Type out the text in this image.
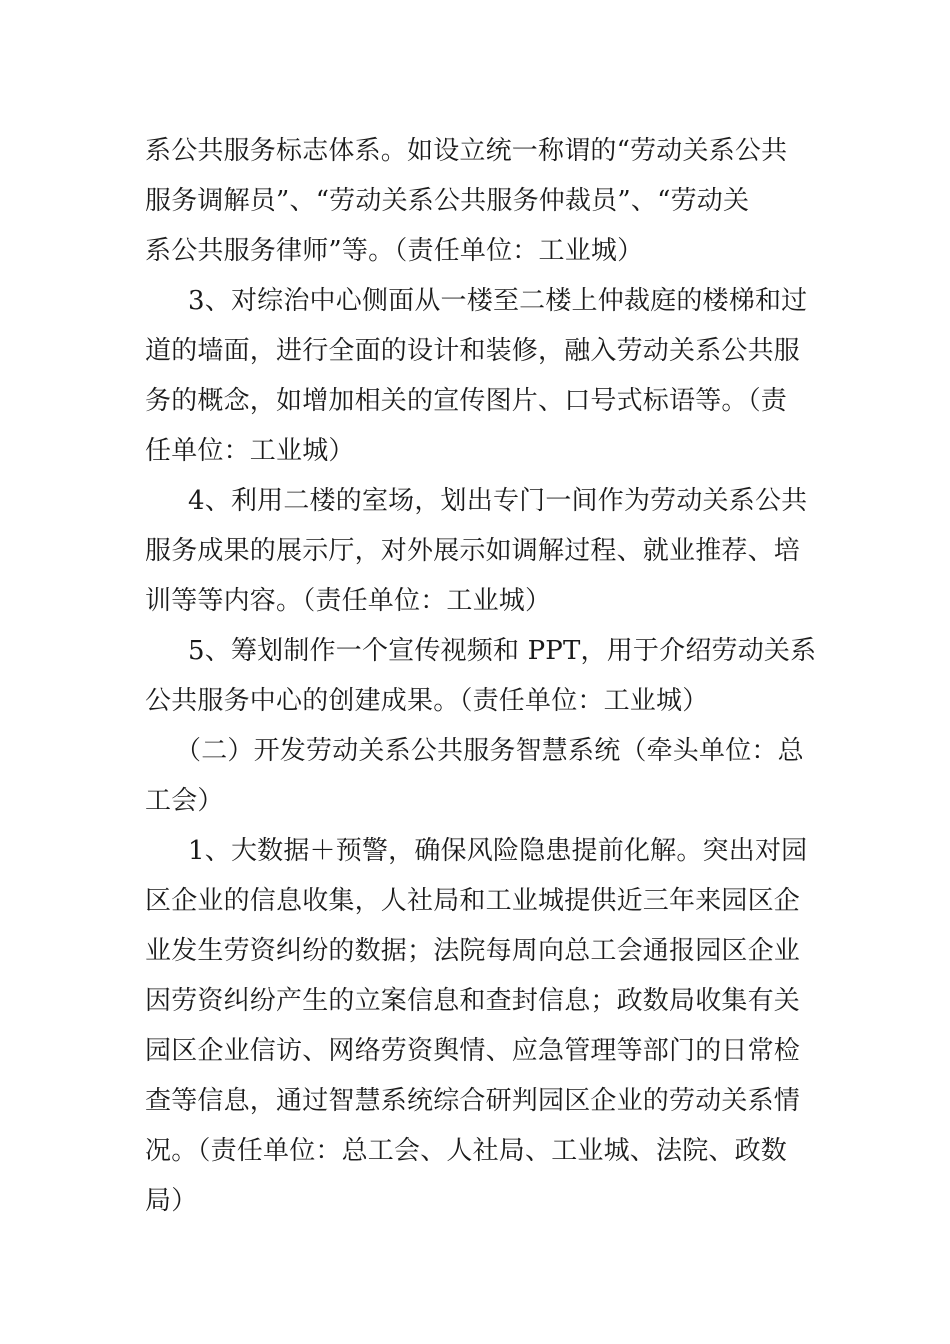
系公共服务标志体系。如设立统一称谓的“劳动关系公共
服务调解员”、“劳动关系公共服务仲裁员”、“劳动关
系公共服务律师”等。（责任单位：工业城）
3、对综治中心侧面从一楼至二楼上仲裁庭的楼梯和过
道的墙面，进行全面的设计和装修，融入劳动关系公共服
务的概念，如增加相关的宣传图片、口号式标语等。（责
任单位：工业城）
4、利用二楼的室场，划出专门一间作为劳动关系公共
服务成果的展示厅，对外展示如调解过程、就业推荐、培
训等等内容。（责任单位：工业城）
5、筹划制作一个宣传视频和 PPT，用于介绍劳动关系
公共服务中心的创建成果。（责任单位：工业城）
（二）开发劳动关系公共服务智慧系统（牵头单位：总
工会）
1、大数据＋预警，确保风险隐患提前化解。突出对园
区企业的信息收集，人社局和工业城提供近三年来园区企
业发生劳资纠纷的数据；法院每周向总工会通报园区企业
因劳资纠纷产生的立案信息和查封信息；政数局收集有关
园区企业信访、网络劳资舆情、应急管理等部门的日常检
查等信息，通过智慧系统综合研判园区企业的劳动关系情
况。（责任单位：总工会、人社局、工业城、法院、政数
局）
